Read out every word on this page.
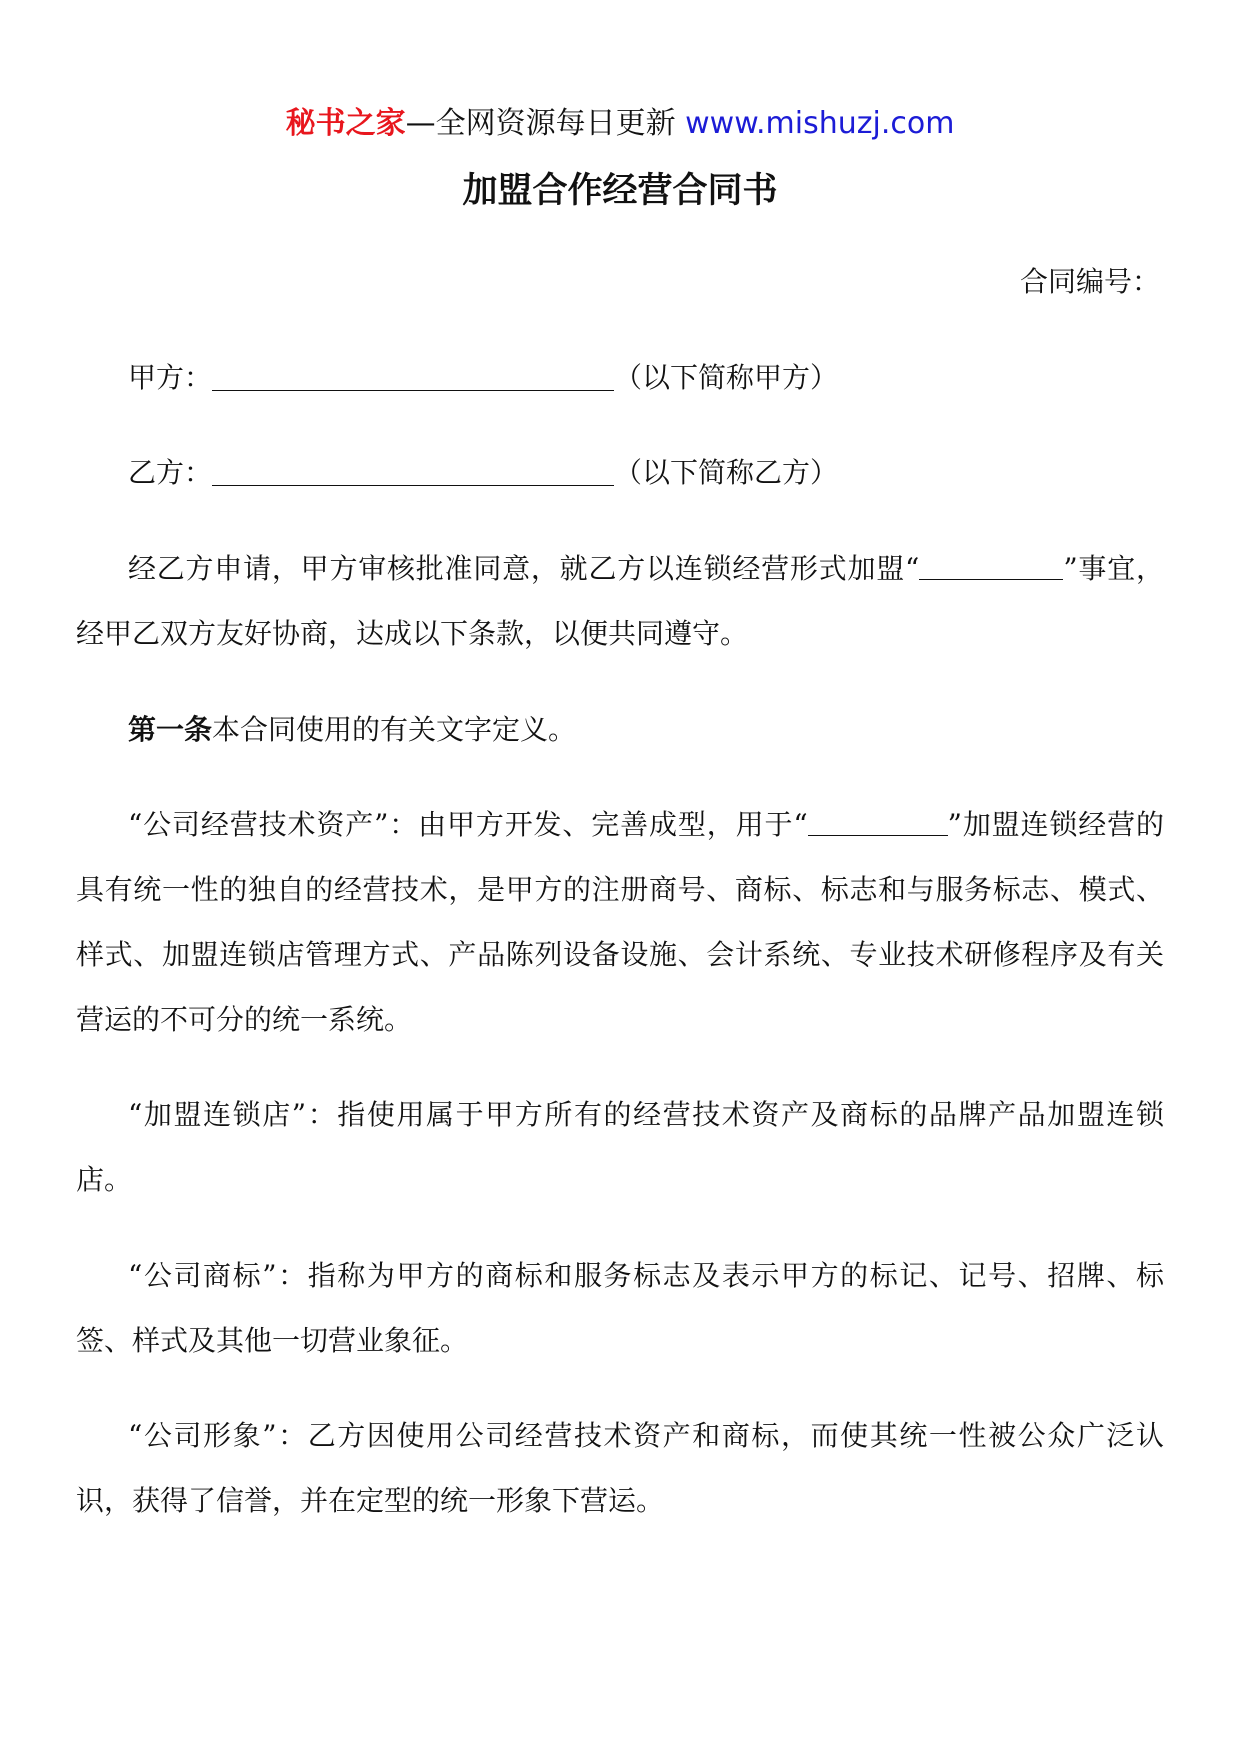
秘书之家—全网资源每日更新 www.mishuzj.com
加盟合作经营合同书
合同编号：
甲方：	（以下简称甲方）
乙方：	（以下简称乙方）

经乙方申请，甲方审核批准同意，就乙方以连锁经营形式加盟“	”事宜，经甲乙双方友好协商，达成以下条款，以便共同遵守。

第一条本合同使用的有关文字定义。

“公司经营技术资产”：由甲方开发、完善成型，用于“	”加盟连锁经营的具有统一性的独自的经营技术，是甲方的注册商号、商标、标志和与服务标志、模式、样式、加盟连锁店管理方式、产品陈列设备设施、会计系统、专业技术研修程序及有关营运的不可分的统一系统。

“加盟连锁店”：指使用属于甲方所有的经营技术资产及商标的品牌产品加盟连锁店。

“公司商标”：指称为甲方的商标和服务标志及表示甲方的标记、记号、招牌、标签、样式及其他一切营业象征。

“公司形象”：乙方因使用公司经营技术资产和商标，而使其统一性被公众广泛认识，获得了信誉，并在定型的统一形象下营运。
